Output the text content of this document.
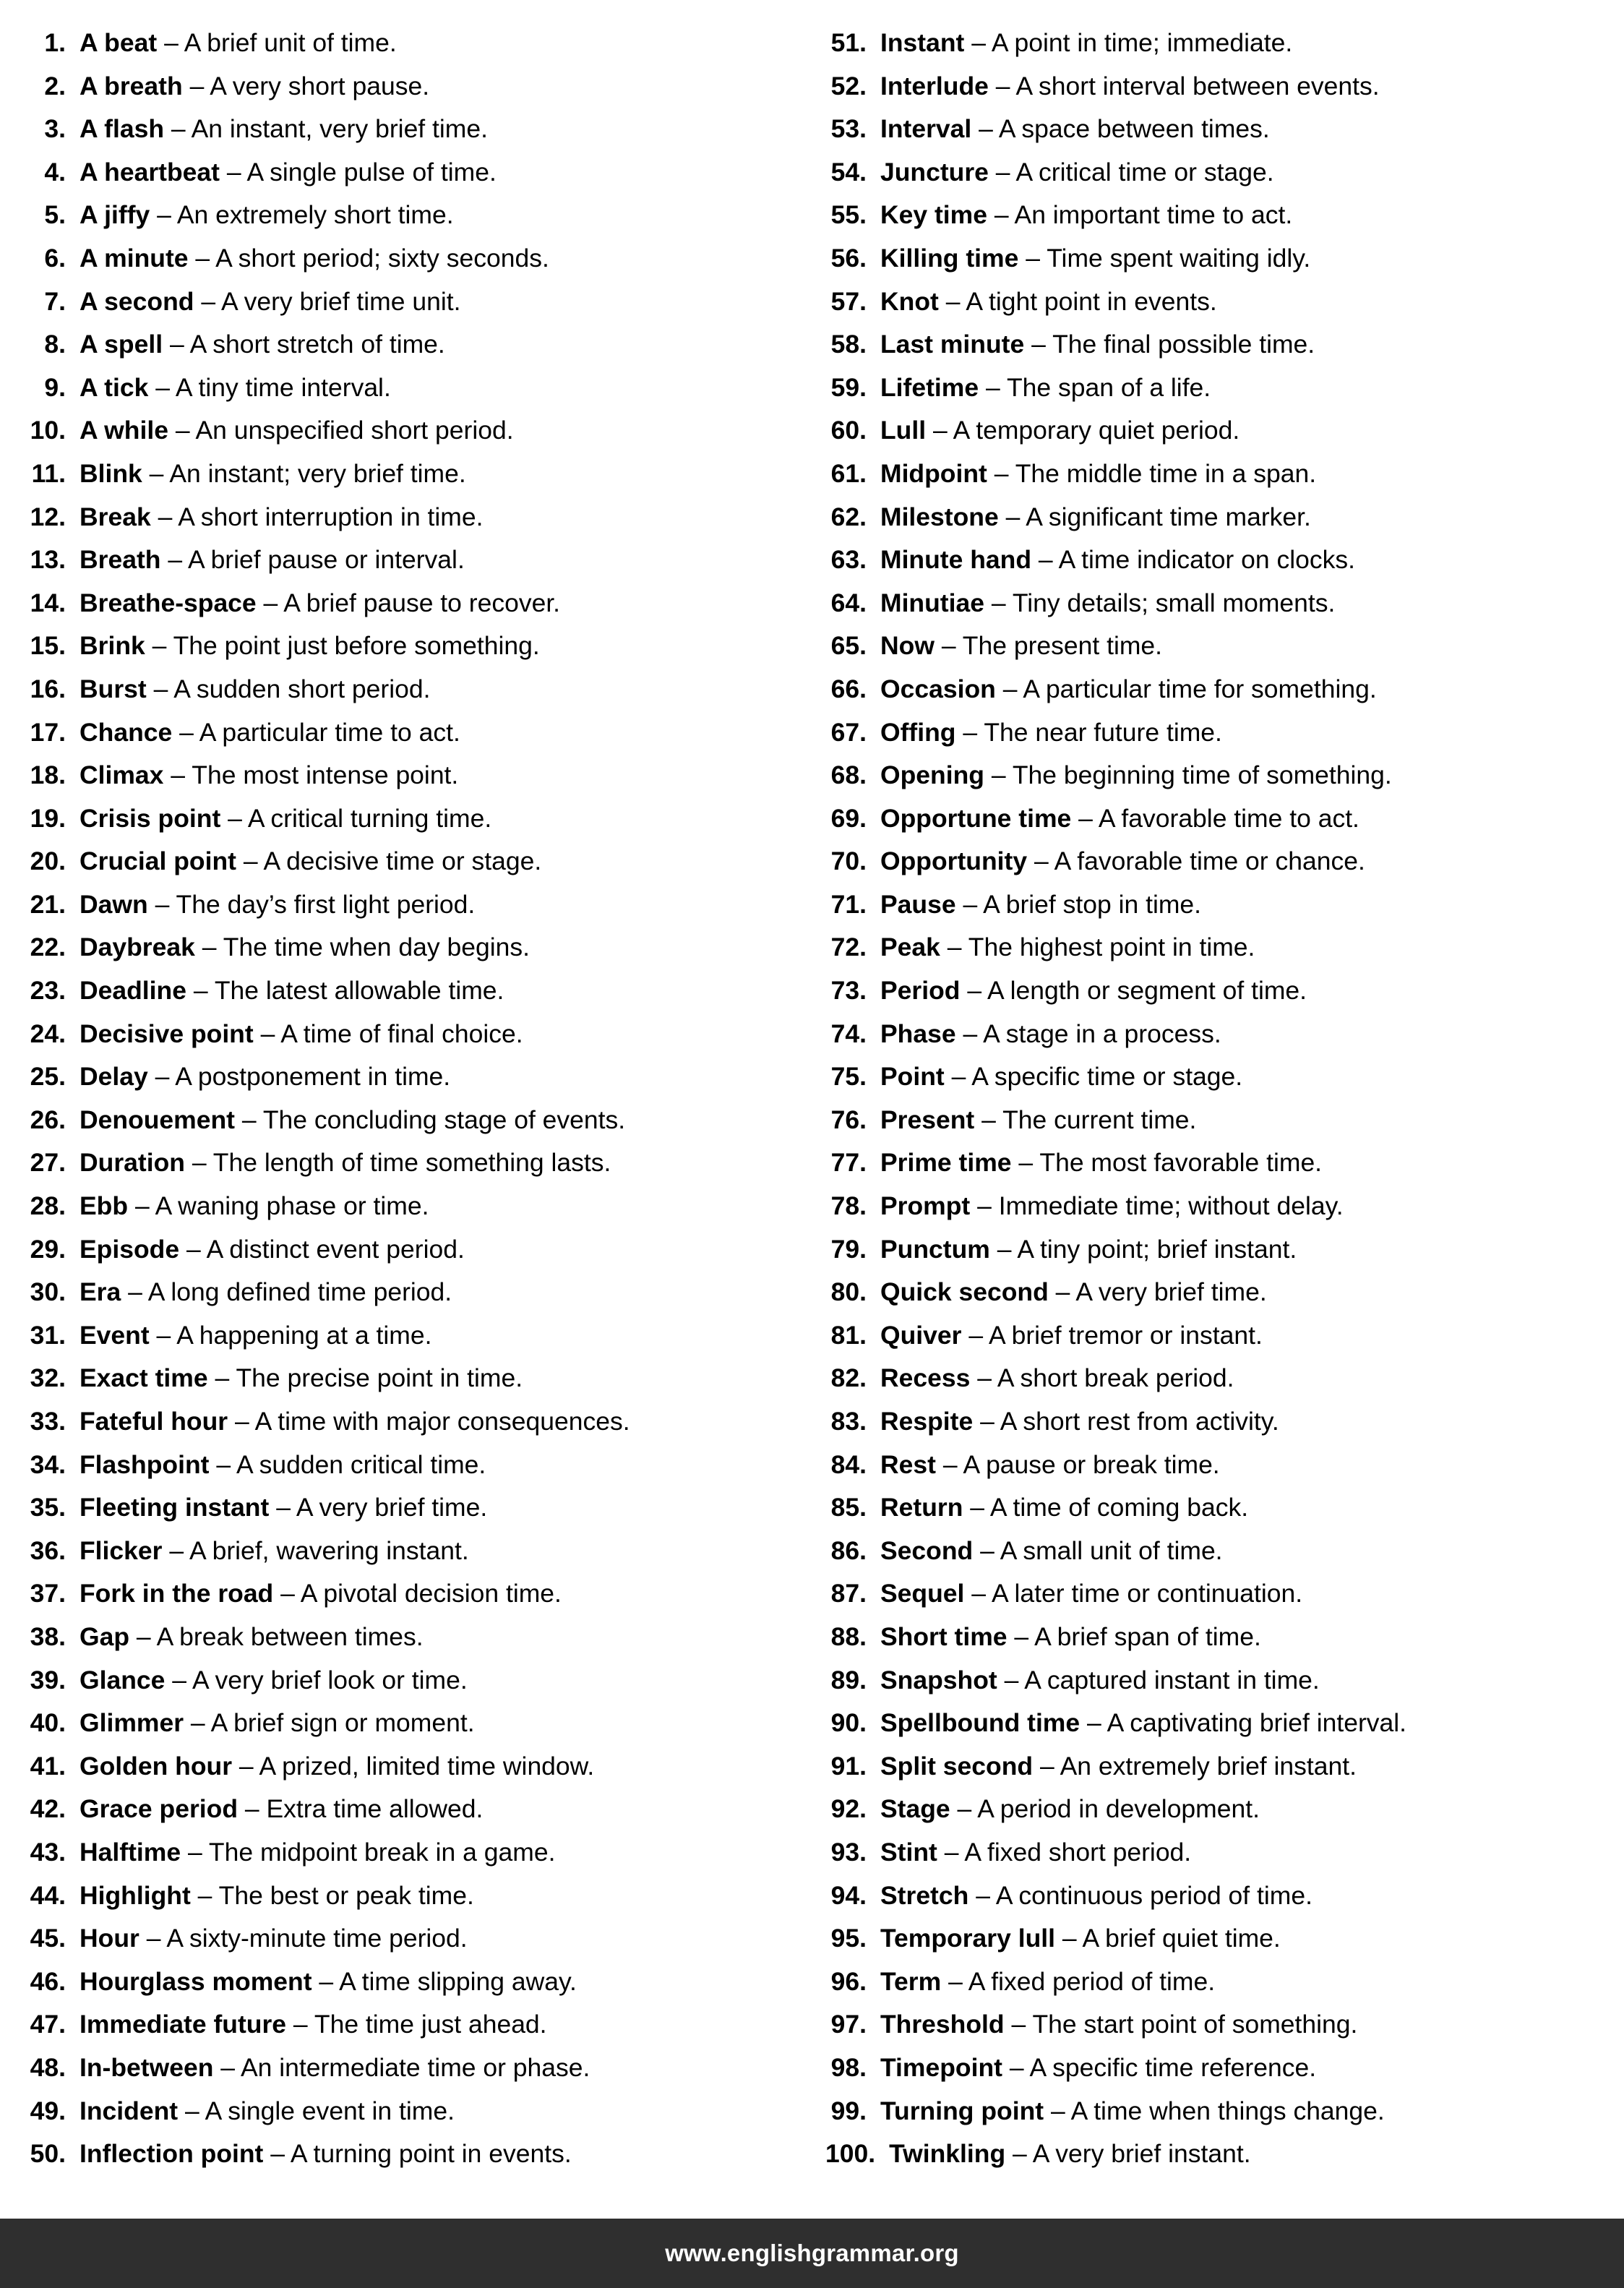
1. A beat – A brief unit of time.
2. A breath – A very short pause.
3. A flash – An instant, very brief time.
4. A heartbeat – A single pulse of time.
5. A jiffy – An extremely short time.
6. A minute – A short period; sixty seconds.
7. A second – A very brief time unit.
8. A spell – A short stretch of time.
9. A tick – A tiny time interval.
10. A while – An unspecified short period.
11. Blink – An instant; very brief time.
12. Break – A short interruption in time.
13. Breath – A brief pause or interval.
14. Breathe-space – A brief pause to recover.
15. Brink – The point just before something.
16. Burst – A sudden short period.
17. Chance – A particular time to act.
18. Climax – The most intense point.
19. Crisis point – A critical turning time.
20. Crucial point – A decisive time or stage.
21. Dawn – The day’s first light period.
22. Daybreak – The time when day begins.
23. Deadline – The latest allowable time.
24. Decisive point – A time of final choice.
25. Delay – A postponement in time.
26. Denouement – The concluding stage of events.
27. Duration – The length of time something lasts.
28. Ebb – A waning phase or time.
29. Episode – A distinct event period.
30. Era – A long defined time period.
31. Event – A happening at a time.
32. Exact time – The precise point in time.
33. Fateful hour – A time with major consequences.
34. Flashpoint – A sudden critical time.
35. Fleeting instant – A very brief time.
36. Flicker – A brief, wavering instant.
37. Fork in the road – A pivotal decision time.
38. Gap – A break between times.
39. Glance – A very brief look or time.
40. Glimmer – A brief sign or moment.
41. Golden hour – A prized, limited time window.
42. Grace period – Extra time allowed.
43. Halftime – The midpoint break in a game.
44. Highlight – The best or peak time.
45. Hour – A sixty-minute time period.
46. Hourglass moment – A time slipping away.
47. Immediate future – The time just ahead.
48. In-between – An intermediate time or phase.
49. Incident – A single event in time.
50. Inflection point – A turning point in events.
51. Instant – A point in time; immediate.
52. Interlude – A short interval between events.
53. Interval – A space between times.
54. Juncture – A critical time or stage.
55. Key time – An important time to act.
56. Killing time – Time spent waiting idly.
57. Knot – A tight point in events.
58. Last minute – The final possible time.
59. Lifetime – The span of a life.
60. Lull – A temporary quiet period.
61. Midpoint – The middle time in a span.
62. Milestone – A significant time marker.
63. Minute hand – A time indicator on clocks.
64. Minutiae – Tiny details; small moments.
65. Now – The present time.
66. Occasion – A particular time for something.
67. Offing – The near future time.
68. Opening – The beginning time of something.
69. Opportune time – A favorable time to act.
70. Opportunity – A favorable time or chance.
71. Pause – A brief stop in time.
72. Peak – The highest point in time.
73. Period – A length or segment of time.
74. Phase – A stage in a process.
75. Point – A specific time or stage.
76. Present – The current time.
77. Prime time – The most favorable time.
78. Prompt – Immediate time; without delay.
79. Punctum – A tiny point; brief instant.
80. Quick second – A very brief time.
81. Quiver – A brief tremor or instant.
82. Recess – A short break period.
83. Respite – A short rest from activity.
84. Rest – A pause or break time.
85. Return – A time of coming back.
86. Second – A small unit of time.
87. Sequel – A later time or continuation.
88. Short time – A brief span of time.
89. Snapshot – A captured instant in time.
90. Spellbound time – A captivating brief interval.
91. Split second – An extremely brief instant.
92. Stage – A period in development.
93. Stint – A fixed short period.
94. Stretch – A continuous period of time.
95. Temporary lull – A brief quiet time.
96. Term – A fixed period of time.
97. Threshold – The start point of something.
98. Timepoint – A specific time reference.
99. Turning point – A time when things change.
100. Twinkling – A very brief instant.
www.englishgrammar.org
